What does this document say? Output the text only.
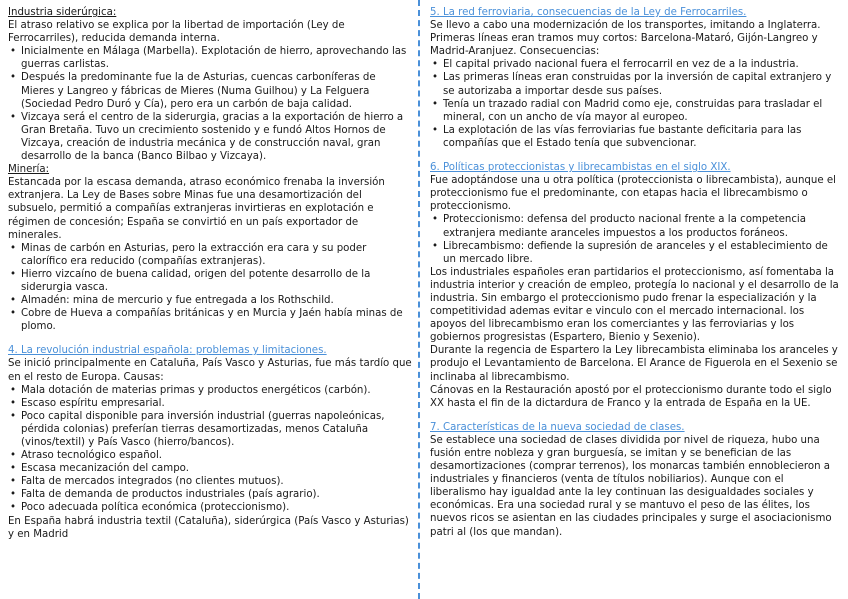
Industria siderúrgica:

El atraso relativo se explica por la libertad de importación (Ley de Ferrocarriles), reducida demanda interna.

• Inicialmente en Málaga (Marbella). Explotación de hierro, aprovechando las guerras carlistas.
• Después la predominante fue la de Asturias, cuencas carboníferas de Mieres y Langreo y fábricas de Mieres (Numa Guilhou) y La Felguera (Sociedad Pedro Duró y Cía), pero era un carbón de baja calidad.
• Vizcaya será el centro de la siderurgia, gracias a la exportación de hierro a Gran Bretaña. Tuvo un crecimiento sostenido y e fundó Altos Hornos de Vizcaya, creación de industria mecánica y de construcción naval, gran desarrollo de la banca (Banco Bilbao y Vizcaya).
Minería:

Estancada por la escasa demanda, atraso económico frenaba la inversión extranjera. La Ley de Bases sobre Minas fue una desamortización del subsuelo, permitió a compañías extranjeras invirtieras en explotación e régimen de concesión; España se convirtió en un país exportador de minerales.

• Minas de carbón en Asturias, pero la extracción era cara y su poder calorífico era reducido (compañías extranjeras).
• Hierro vizcaíno de buena calidad, origen del potente desarrollo de la siderurgia vasca.
• Almadén: mina de mercurio y fue entregada a los Rothschild.
• Cobre de Hueva a compañías británicas y en Murcia y Jaén había minas de plomo.
4. La revolución industrial española: problemas y limitaciones.

Se inició principalmente en Cataluña, País Vasco y Asturias, fue más tardío que en el resto de Europa. Causas:

• Mala dotación de materias primas y productos energéticos (carbón).
• Escaso espíritu empresarial.
• Poco capital disponible para inversión industrial (guerras napoleónicas, pérdida colonias) preferían tierras desamortizadas, menos Cataluña (vinos/textil) y País Vasco (hierro/bancos).
• Atraso tecnológico español.
• Escasa mecanización del campo.
• Falta de mercados integrados (no clientes mutuos).
• Falta de demanda de productos industriales (país agrario).
• Poco adecuada política económica (proteccionismo).

En España habrá industria textil (Cataluña), siderúrgica (País Vasco y Asturias) y en Madrid

5. La red ferroviaria, consecuencias de la Ley de Ferrocarriles.

Se llevo a cabo una modernización de los transportes, imitando a Inglaterra. Primeras líneas eran tramos muy cortos: Barcelona-Mataró, Gijón-Langreo y Madrid-Aranjuez. Consecuencias:

• El capital privado nacional fuera el ferrocarril en vez de a la industria.
• Las primeras líneas eran construidas por la inversión de capital extranjero y se autorizaba a importar desde sus países.
• Tenía un trazado radial con Madrid como eje, construidas para trasladar el mineral, con un ancho de vía mayor al europeo.
• La explotación de las vías ferroviarias fue bastante deficitaria para las compañías que el Estado tenía que subvencionar.
6. Políticas proteccionistas y librecambistas en el siglo XIX.

Fue adoptándose una u otra política (proteccionista o librecambista), aunque el proteccionismo fue el predominante, con etapas hacia el librecambismo o proteccionismo.

• Proteccionismo: defensa del producto nacional frente a la competencia extranjera mediante aranceles impuestos a los productos foráneos.
• Librecambismo: defiende la supresión de aranceles y el establecimiento de un mercado libre.

Los industriales españoles eran partidarios el proteccionismo, así fomentaba la industria interior y creación de empleo, protegía lo nacional y el desarrollo de la industria. Sin embargo el proteccionismo pudo frenar la especialización y la competitividad ademas evitar e vinculo con el mercado internacional. los apoyos del librecambismo eran los comerciantes y las ferroviarias y los gobiernos progresistas (Espartero, Bienio y Sexenio).

Durante la regencia de Espartero la Ley librecambista eliminaba los aranceles y produjo el Levantamiento de Barcelona. El Arance de Figuerola en el Sexenio se inclinaba al librecambismo.

Cánovas en la Restauración apostó por el proteccionismo durante todo el siglo XX hasta el fin de la dictardura de Franco y la entrada de España en la UE.

7. Características de la nueva sociedad de clases.

Se establece una sociedad de clases dividida por nivel de riqueza, hubo una fusión entre nobleza y gran burguesía, se imitan y se benefician de las desamortizaciones (comprar terrenos), los monarcas también ennoblecieron a industriales y financieros (venta de títulos nobiliarios). Aunque con el liberalismo hay igualdad ante la ley continuan las desigualdades sociales y económicas. Era una sociedad rural y se mantuvo el peso de las élites, los nuevos ricos se asientan en las ciudades principales y surge el asociacionismo patri al (los que mandan).
